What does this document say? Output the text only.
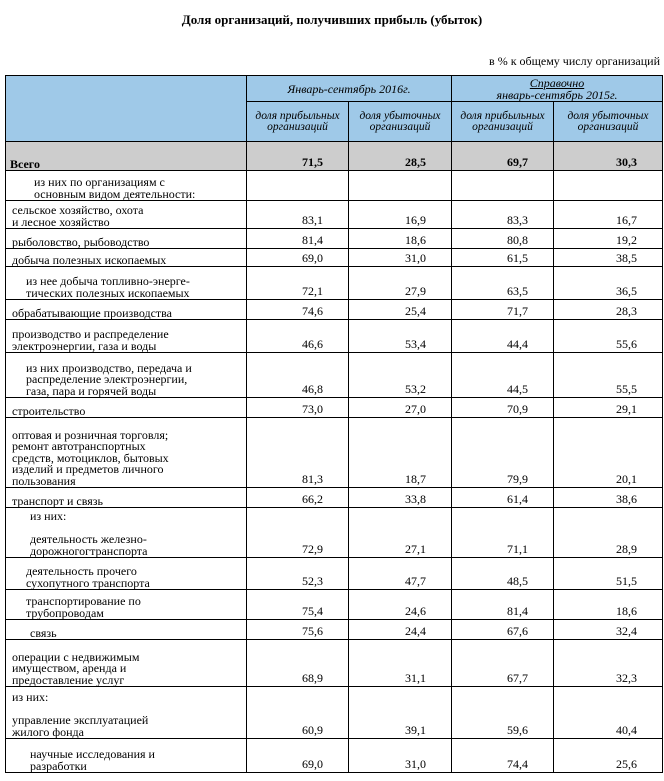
Доля организаций, получивших прибыль (убыток)
в % к общему числу организаций
	Январь-сентябрь 2016г.		Справочно
январь-сентябрь 2015г.	

	доля прибыльных организаций	доля убыточных организаций	доля прибыльных организаций	доля убыточных организаций
Всего	71,5	28,5	69,7	30,3
из них по организациям с
основным видом деятельности:				
сельское хозяйство, охота
и лесное хозяйство	83,1	16,9	83,3	16,7
рыболовство, рыбоводство	81,4	18,6	80,8	19,2
добыча полезных ископаемых	69,0	31,0	61,5	38,5
из нее добыча топливно-энерге-
тических полезных ископаемых	72,1	27,9	63,5	36,5
обрабатывающие производства	74,6	25,4	71,7	28,3
производство и распределение
электроэнергии, газа и воды	46,6	53,4	44,4	55,6
из них производство, передача и
распределение электроэнергии,
газа, пара и горячей воды	46,8	53,2	44,5	55,5
строительство	73,0	27,0	70,9	29,1
оптовая и розничная торговля;
ремонт автотранспортных
средств, мотоциклов, бытовых
изделий и предметов личного
пользования	81,3	18,7	79,9	20,1
транспорт и связь	66,2	33,8	61,4	38,6
из них:

деятельность железно-
дорожногогтранспорта	72,9	27,1	71,1	28,9
деятельность прочего
сухопутного транспорта	52,3	47,7	48,5	51,5
транспортирование по
трубопроводам	75,4	24,6	81,4	18,6
связь	75,6	24,4	67,6	32,4
операции с недвижимым
имуществом, аренда и
предоставление услуг	68,9	31,1	67,7	32,3
из них:

управление эксплуатацией
жилого фонда	60,9	39,1	59,6	40,4
научные исследования и
разработки	69,0	31,0	74,4	25,6
